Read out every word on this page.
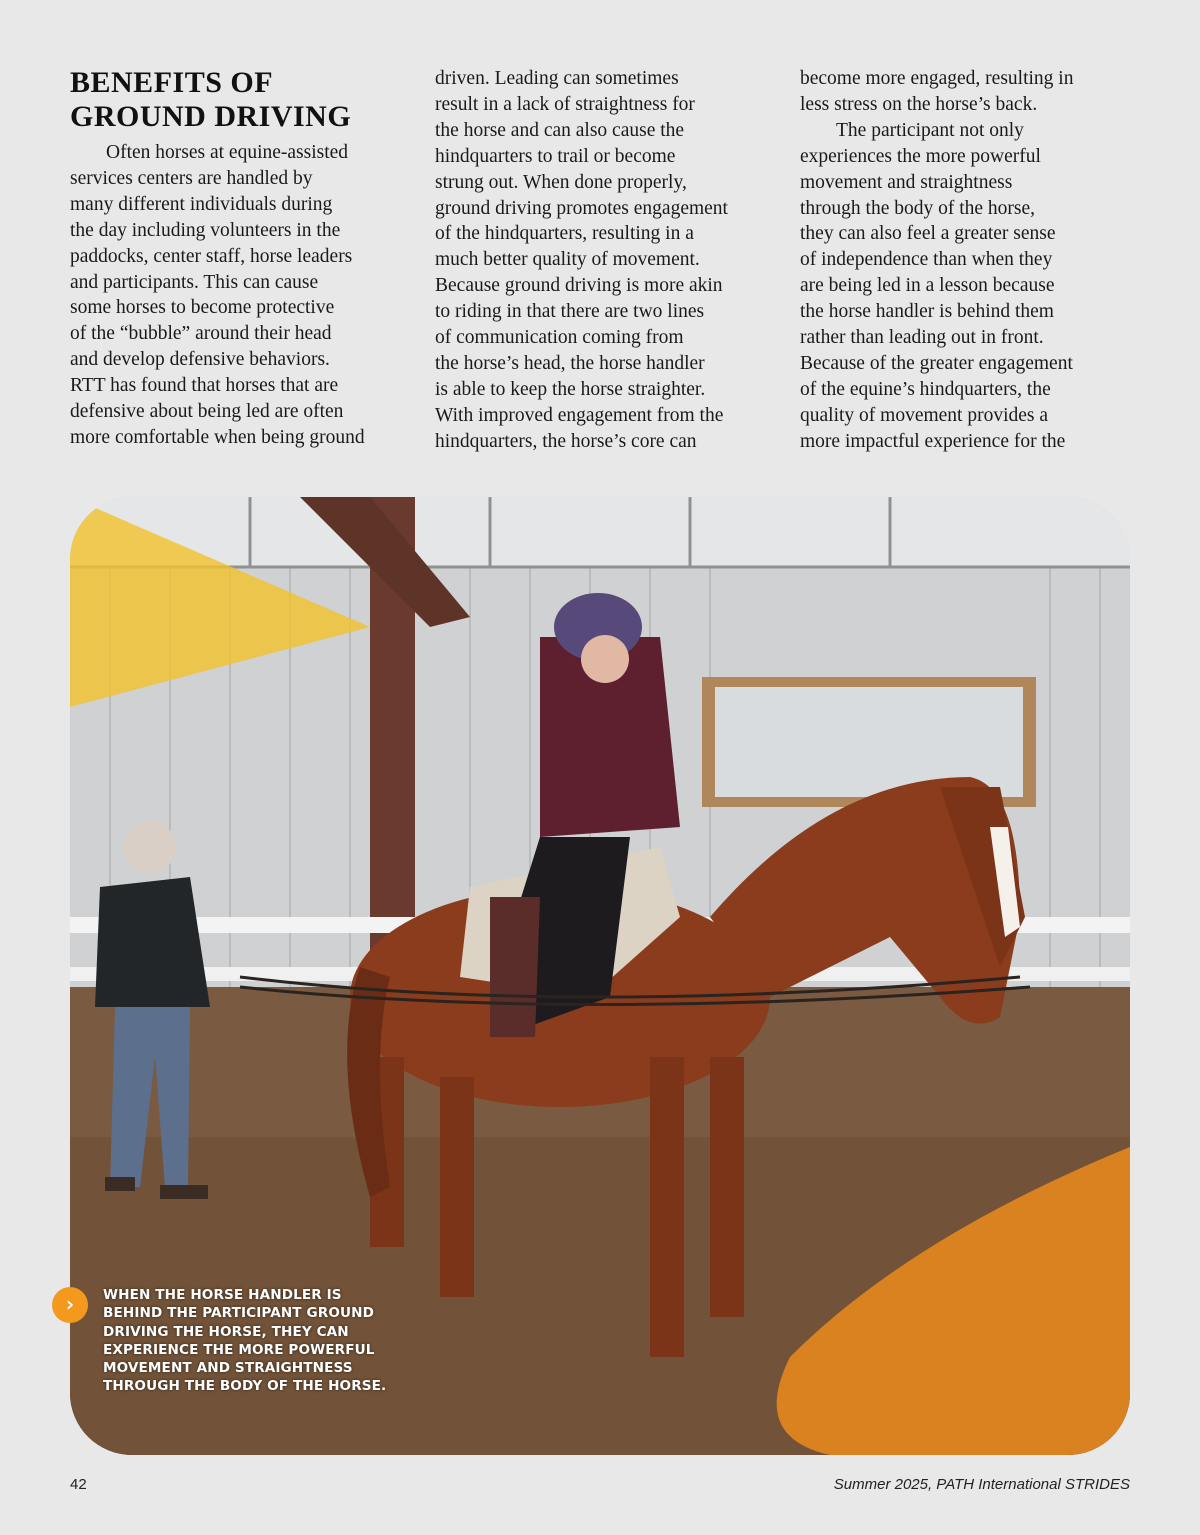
BENEFITS OF
GROUND DRIVING

Often horses at equine-assisted
services centers are handled by
many different individuals during
the day including volunteers in the
paddocks, center staff, horse leaders
and participants. This can cause
some horses to become protective
of the “bubble” around their head
and develop defensive behaviors.
RTT has found that horses that are
defensive about being led are often
more comfortable when being ground

driven. Leading can sometimes
result in a lack of straightness for
the horse and can also cause the
hindquarters to trail or become
strung out. When done properly,
ground driving promotes engagement
of the hindquarters, resulting in a
much better quality of movement.
Because ground driving is more akin
to riding in that there are two lines
of communication coming from
the horse’s head, the horse handler
is able to keep the horse straighter.
With improved engagement from the
hindquarters, the horse’s core can

become more engaged, resulting in
less stress on the horse’s back.

The participant not only
experiences the more powerful
movement and straightness
through the body of the horse,
they can also feel a greater sense
of independence than when they
are being led in a lesson because
the horse handler is behind them
rather than leading out in front.
Because of the greater engagement
of the equine’s hindquarters, the
quality of movement provides a
more impactful experience for the

›	WHEN THE HORSE HANDLER IS
BEHIND THE PARTICIPANT GROUND
DRIVING THE HORSE, THEY CAN
EXPERIENCE THE MORE POWERFUL
MOVEMENT AND STRAIGHTNESS
THROUGH THE BODY OF THE HORSE.
42	Summer 2025, PATH International STRIDES
